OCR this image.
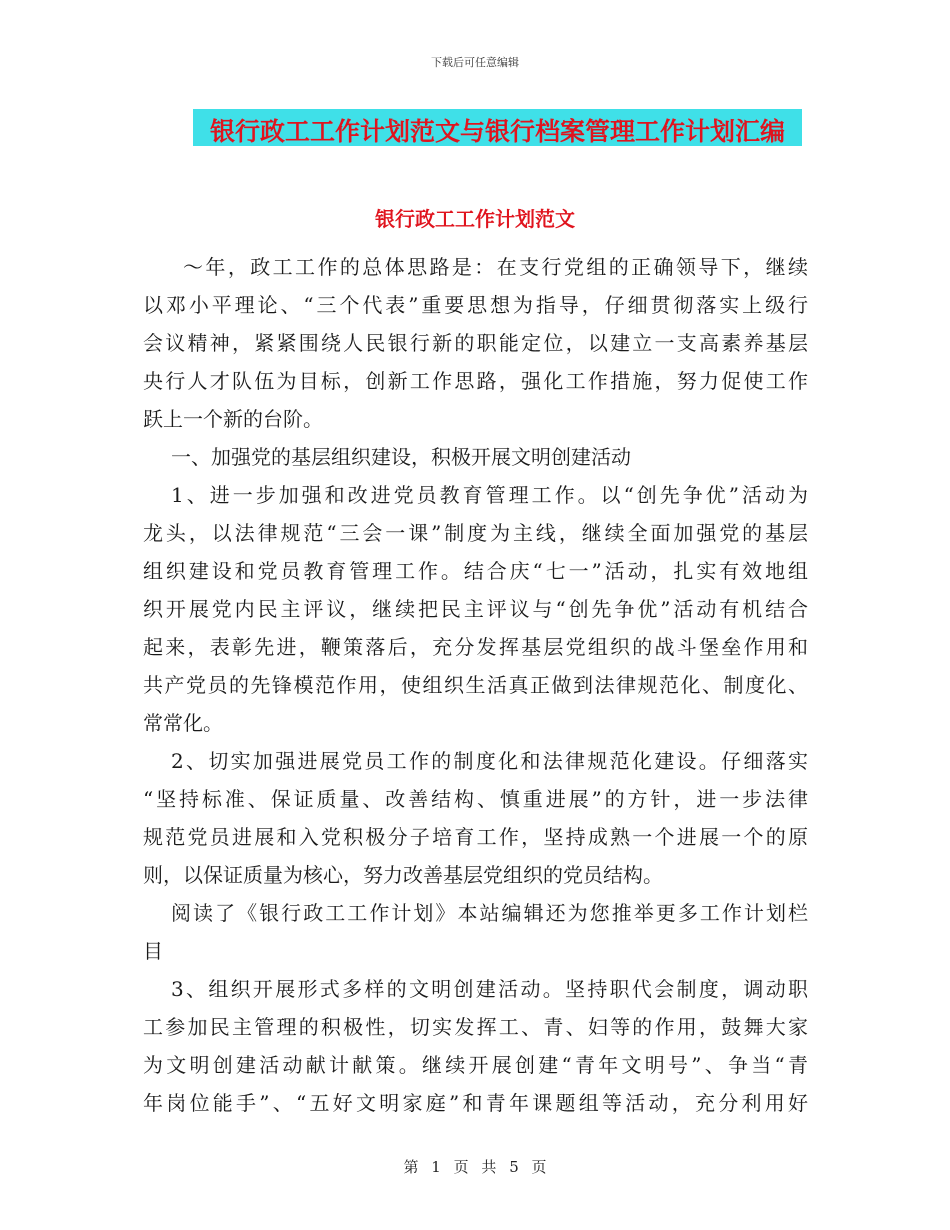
下载后可任意编辑
银行政工工作计划范文与银行档案管理工作计划汇编
银行政工工作计划范文
～年，政工工作的总体思路是：在支行党组的正确领导下，继续
以邓小平理论、“三个代表”重要思想为指导，仔细贯彻落实上级行
会议精神，紧紧围绕人民银行新的职能定位，以建立一支高素养基层
央行人才队伍为目标，创新工作思路，强化工作措施，努力促使工作
跃上一个新的台阶。
一、加强党的基层组织建设，积极开展文明创建活动
1、进一步加强和改进党员教育管理工作。以“创先争优”活动为
龙头，以法律规范“三会一课”制度为主线，继续全面加强党的基层
组织建设和党员教育管理工作。结合庆“七一”活动，扎实有效地组
织开展党内民主评议，继续把民主评议与“创先争优”活动有机结合
起来，表彰先进，鞭策落后，充分发挥基层党组织的战斗堡垒作用和
共产党员的先锋模范作用，使组织生活真正做到法律规范化、制度化、
常常化。
2、切实加强进展党员工作的制度化和法律规范化建设。仔细落实
“坚持标准、保证质量、改善结构、慎重进展”的方针，进一步法律
规范党员进展和入党积极分子培育工作，坚持成熟一个进展一个的原
则，以保证质量为核心，努力改善基层党组织的党员结构。
阅读了《银行政工工作计划》本站编辑还为您推举更多工作计划栏
目
3、组织开展形式多样的文明创建活动。坚持职代会制度，调动职
工参加民主管理的积极性，切实发挥工、青、妇等的作用，鼓舞大家
为文明创建活动献计献策。继续开展创建“青年文明号”、争当“青
年岗位能手”、“五好文明家庭”和青年课题组等活动，充分利用好
第 1 页 共 5 页
